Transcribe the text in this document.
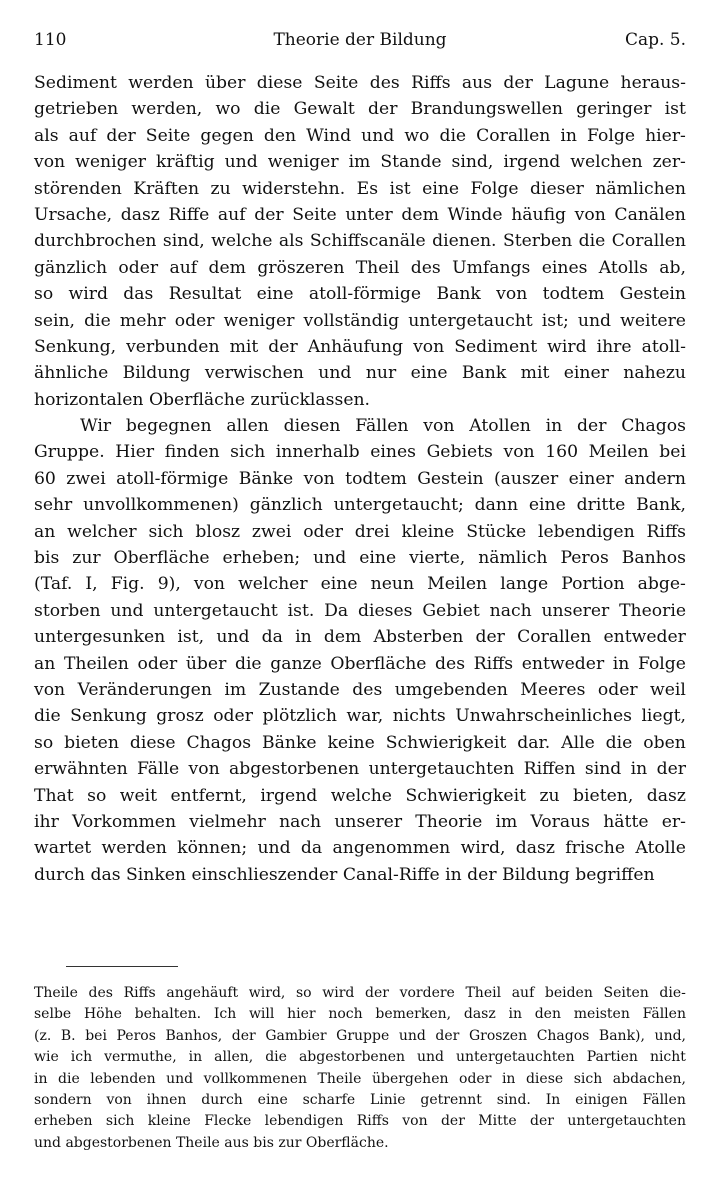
110	Theorie der Bildung	Cap. 5.
Sediment werden über diese Seite des Riffs aus der Lagune heraus-
getrieben werden, wo die Gewalt der Brandungswellen geringer ist
als auf der Seite gegen den Wind und wo die Corallen in Folge hier-
von weniger kräftig und weniger im Stande sind, irgend welchen zer-
störenden Kräften zu widerstehn. Es ist eine Folge dieser nämlichen
Ursache, dasz Riffe auf der Seite unter dem Winde häufig von Canälen
durchbrochen sind, welche als Schiffscanäle dienen. Sterben die Corallen
gänzlich oder auf dem gröszeren Theil des Umfangs eines Atolls ab,
so wird das Resultat eine atoll-förmige Bank von todtem Gestein
sein, die mehr oder weniger vollständig untergetaucht ist; und weitere
Senkung, verbunden mit der Anhäufung von Sediment wird ihre atoll-
ähnliche Bildung verwischen und nur eine Bank mit einer nahezu
horizontalen Oberfläche zurücklassen.
Wir begegnen allen diesen Fällen von Atollen in der Chagos
Gruppe. Hier finden sich innerhalb eines Gebiets von 160 Meilen bei
60 zwei atoll-förmige Bänke von todtem Gestein (auszer einer andern
sehr unvollkommenen) gänzlich untergetaucht; dann eine dritte Bank,
an welcher sich blosz zwei oder drei kleine Stücke lebendigen Riffs
bis zur Oberfläche erheben; und eine vierte, nämlich Peros Banhos
(Taf. I, Fig. 9), von welcher eine neun Meilen lange Portion abge-
storben und untergetaucht ist. Da dieses Gebiet nach unserer Theorie
untergesunken ist, und da in dem Absterben der Corallen entweder
an Theilen oder über die ganze Oberfläche des Riffs entweder in Folge
von Veränderungen im Zustande des umgebenden Meeres oder weil
die Senkung grosz oder plötzlich war, nichts Unwahrscheinliches liegt,
so bieten diese Chagos Bänke keine Schwierigkeit dar. Alle die oben
erwähnten Fälle von abgestorbenen untergetauchten Riffen sind in der
That so weit entfernt, irgend welche Schwierigkeit zu bieten, dasz
ihr Vorkommen vielmehr nach unserer Theorie im Voraus hätte er-
wartet werden können; und da angenommen wird, dasz frische Atolle
durch das Sinken einschlieszender Canal-Riffe in der Bildung begriffen
Theile des Riffs angehäuft wird, so wird der vordere Theil auf beiden Seiten die-
selbe Höhe behalten. Ich will hier noch bemerken, dasz in den meisten Fällen
(z. B. bei Peros Banhos, der Gambier Gruppe und der Groszen Chagos Bank), und,
wie ich vermuthe, in allen, die abgestorbenen und untergetauchten Partien nicht
in die lebenden und vollkommenen Theile übergehen oder in diese sich abdachen,
sondern von ihnen durch eine scharfe Linie getrennt sind. In einigen Fällen
erheben sich kleine Flecke lebendigen Riffs von der Mitte der untergetauchten
und abgestorbenen Theile aus bis zur Oberfläche.
